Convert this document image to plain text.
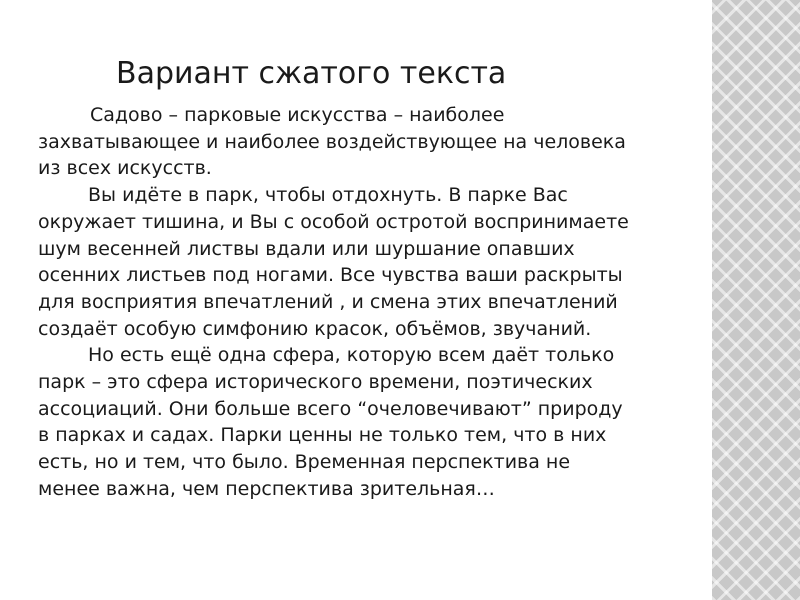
Вариант сжатого текста

Садово – парковые искусства – наиболее
захватывающее и наиболее воздействующее на человека
из всех искусств.
Вы идёте в парк, чтобы отдохнуть. В парке Вас
окружает тишина, и Вы с особой остротой воспринимаете
шум весенней листвы вдали или шуршание опавших
осенних листьев под ногами. Все чувства ваши раскрыты
для восприятия впечатлений , и смена этих впечатлений
создаёт особую симфонию красок, объёмов, звучаний.
Но есть ещё одна сфера, которую всем даёт только
парк – это сфера исторического времени, поэтических
ассоциаций. Они больше всего “очеловечивают” природу
в парках и садах. Парки ценны не только тем, что в них
есть, но и тем, что было. Временная перспектива не
менее важна, чем перспектива зрительная…
